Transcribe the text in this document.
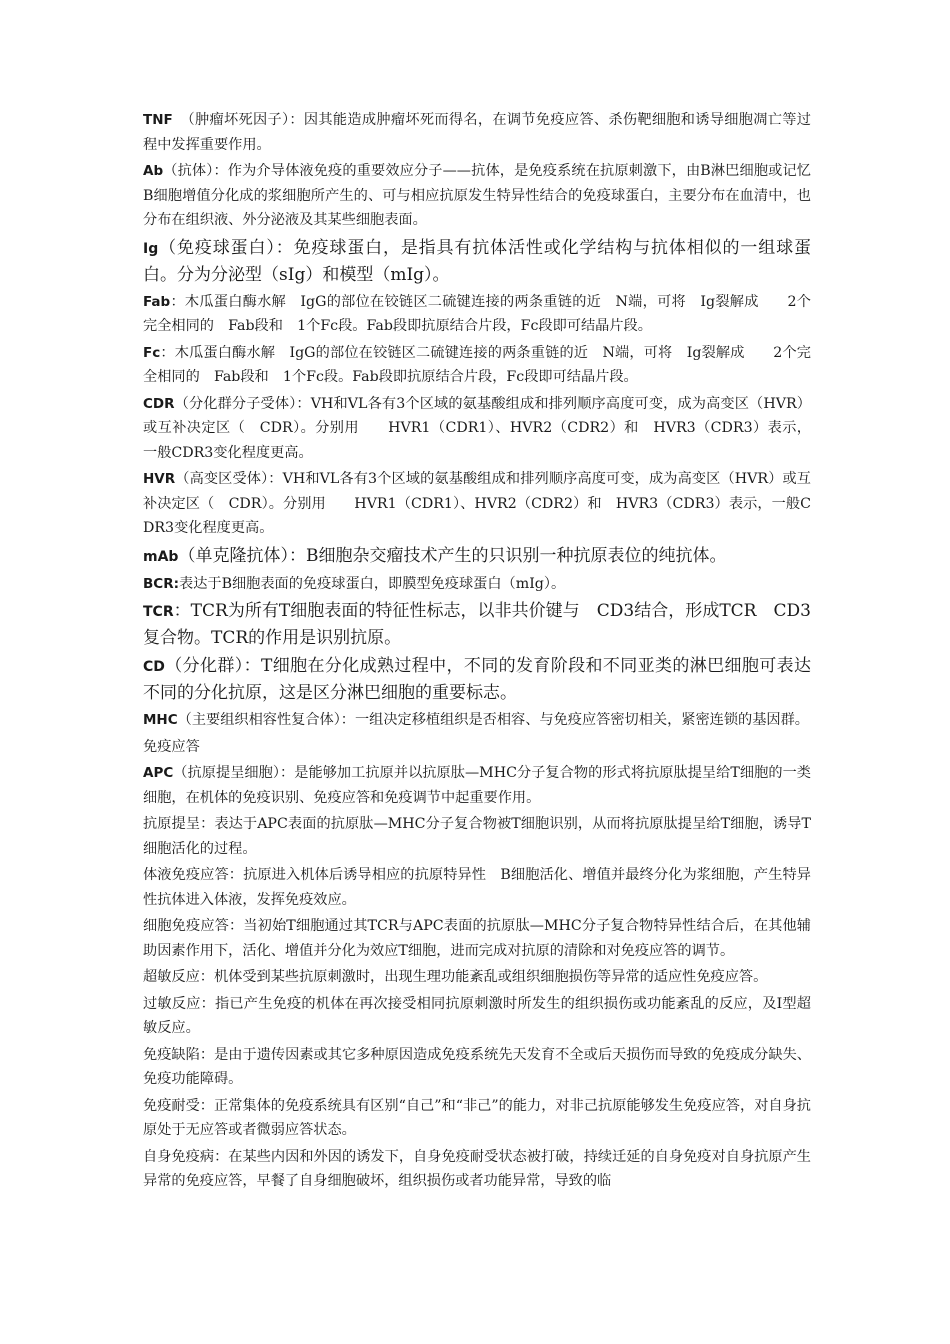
TNF　（肿瘤坏死因子）：因其能造成肿瘤坏死而得名，在调节免疫应答、杀伤靶细胞和诱导细胞凋亡等过程中发挥重要作用。

Ab（抗体）：作为介导体液免疫的重要效应分子——抗体，是免疫系统在抗原刺激下，由B淋巴细胞或记忆B细胞增值分化成的浆细胞所产生的、可与相应抗原发生特异性结合的免疫球蛋白，主要分布在血清中，也分布在组织液、外分泌液及其某些细胞表面。

Ig（免疫球蛋白）：免疫球蛋白，是指具有抗体活性或化学结构与抗体相似的一组球蛋白。分为分泌型（sIg）和模型（mIg）。

Fab：木瓜蛋白酶水解　IgG的部位在铰链区二硫键连接的两条重链的近　N端，可将　Ig裂解成　　2个完全相同的　Fab段和　1个Fc段。Fab段即抗原结合片段，Fc段即可结晶片段。

Fc：木瓜蛋白酶水解　IgG的部位在铰链区二硫键连接的两条重链的近　N端，可将　Ig裂解成　　2个完全相同的　Fab段和　1个Fc段。Fab段即抗原结合片段，Fc段即可结晶片段。

CDR（分化群分子受体）：VH和VL各有3个区域的氨基酸组成和排列顺序高度可变，成为高变区（HVR）或互补决定区（　CDR）。分别用　　HVR1（CDR1）、HVR2（CDR2）和　HVR3（CDR3）表示，一般CDR3变化程度更高。

HVR（高变区受体）：VH和VL各有3个区域的氨基酸组成和排列顺序高度可变，成为高变区（HVR）或互补决定区（　CDR）。分别用　　HVR1（CDR1）、HVR2（CDR2）和　HVR3（CDR3）表示，一般CDR3变化程度更高。

mAb（单克隆抗体）：B细胞杂交瘤技术产生的只识别一种抗原表位的纯抗体。

BCR:表达于B细胞表面的免疫球蛋白，即膜型免疫球蛋白（mIg）。

TCR：TCR为所有T细胞表面的特征性标志，以非共价键与　CD3结合，形成TCR　CD3复合物。TCR的作用是识别抗原。

CD（分化群）：T细胞在分化成熟过程中，不同的发育阶段和不同亚类的淋巴细胞可表达不同的分化抗原，这是区分淋巴细胞的重要标志。

MHC（主要组织相容性复合体）：一组决定移植组织是否相容、与免疫应答密切相关，紧密连锁的基因群。

免疫应答

APC（抗原提呈细胞）：是能够加工抗原并以抗原肽—MHC分子复合物的形式将抗原肽提呈给T细胞的一类细胞，在机体的免疫识别、免疫应答和免疫调节中起重要作用。

抗原提呈：表达于APC表面的抗原肽—MHC分子复合物被T细胞识别，从而将抗原肽提呈给T细胞，诱导T细胞活化的过程。

体液免疫应答：抗原进入机体后诱导相应的抗原特异性　B细胞活化、增值并最终分化为浆细胞，产生特异性抗体进入体液，发挥免疫效应。

细胞免疫应答：当初始T细胞通过其TCR与APC表面的抗原肽—MHC分子复合物特异性结合后，在其他辅助因素作用下，活化、增值并分化为效应T细胞，进而完成对抗原的清除和对免疫应答的调节。

超敏反应：机体受到某些抗原刺激时，出现生理功能紊乱或组织细胞损伤等异常的适应性免疫应答。

过敏反应：指已产生免疫的机体在再次接受相同抗原刺激时所发生的组织损伤或功能紊乱的反应，及Ⅰ型超敏反应。

免疫缺陷：是由于遗传因素或其它多种原因造成免疫系统先天发育不全或后天损伤而导致的免疫成分缺失、免疫功能障碍。

免疫耐受：正常集体的免疫系统具有区别“自己”和“非己”的能力，对非己抗原能够发生免疫应答，对自身抗原处于无应答或者微弱应答状态。

自身免疫病：在某些内因和外因的诱发下，自身免疫耐受状态被打破，持续迁延的自身免疫对自身抗原产生异常的免疫应答，早餐了自身细胞破坏，组织损伤或者功能异常，导致的临
